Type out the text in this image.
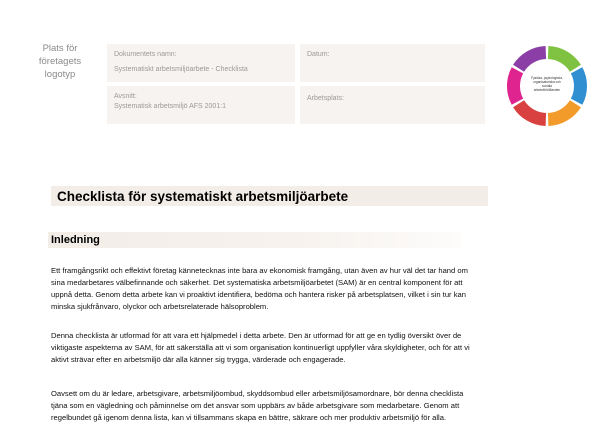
Plats för företagets logotyp
Dokumentets namn:
Systematiskt arbetsmiljöarbete - Checklista
Datum:
Avsnitt:
Systematisk arbetsmiljö AFS 2001:1
Arbetsplats:
Fysiska, psykologiska, organisatoriska och sociala arbetsförhållanden
Checklista för systematiskt arbetsmiljöarbete
Inledning
Ett framgångsrikt och effektivt företag kännetecknas inte bara av ekonomisk framgång, utan även av hur väl det tar hand om sina medarbetares välbefinnande och säkerhet. Det systematiska arbetsmiljöarbetet (SAM) är en central komponent för att uppnå detta. Genom detta arbete kan vi proaktivt identifiera, bedöma och hantera risker på arbetsplatsen, vilket i sin tur kan minska sjukfrånvaro, olyckor och arbetsrelaterade hälsoproblem.
Denna checklista är utformad för att vara ett hjälpmedel i detta arbete. Den är utformad för att ge en tydlig översikt över de viktigaste aspekterna av SAM, för att säkerställa att vi som organisation kontinuerligt uppfyller våra skyldigheter, och för att vi aktivt strävar efter en arbetsmiljö där alla känner sig trygga, värderade och engagerade.
Oavsett om du är ledare, arbetsgivare, arbetsmiljöombud, skyddsombud eller arbetsmiljösamordnare, bör denna checklista tjäna som en vägledning och påminnelse om det ansvar som uppbärs av både arbetsgivare som medarbetare. Genom att regelbundet gå igenom denna lista, kan vi tillsammans skapa en bättre, säkrare och mer produktiv arbetsmiljö för alla.
